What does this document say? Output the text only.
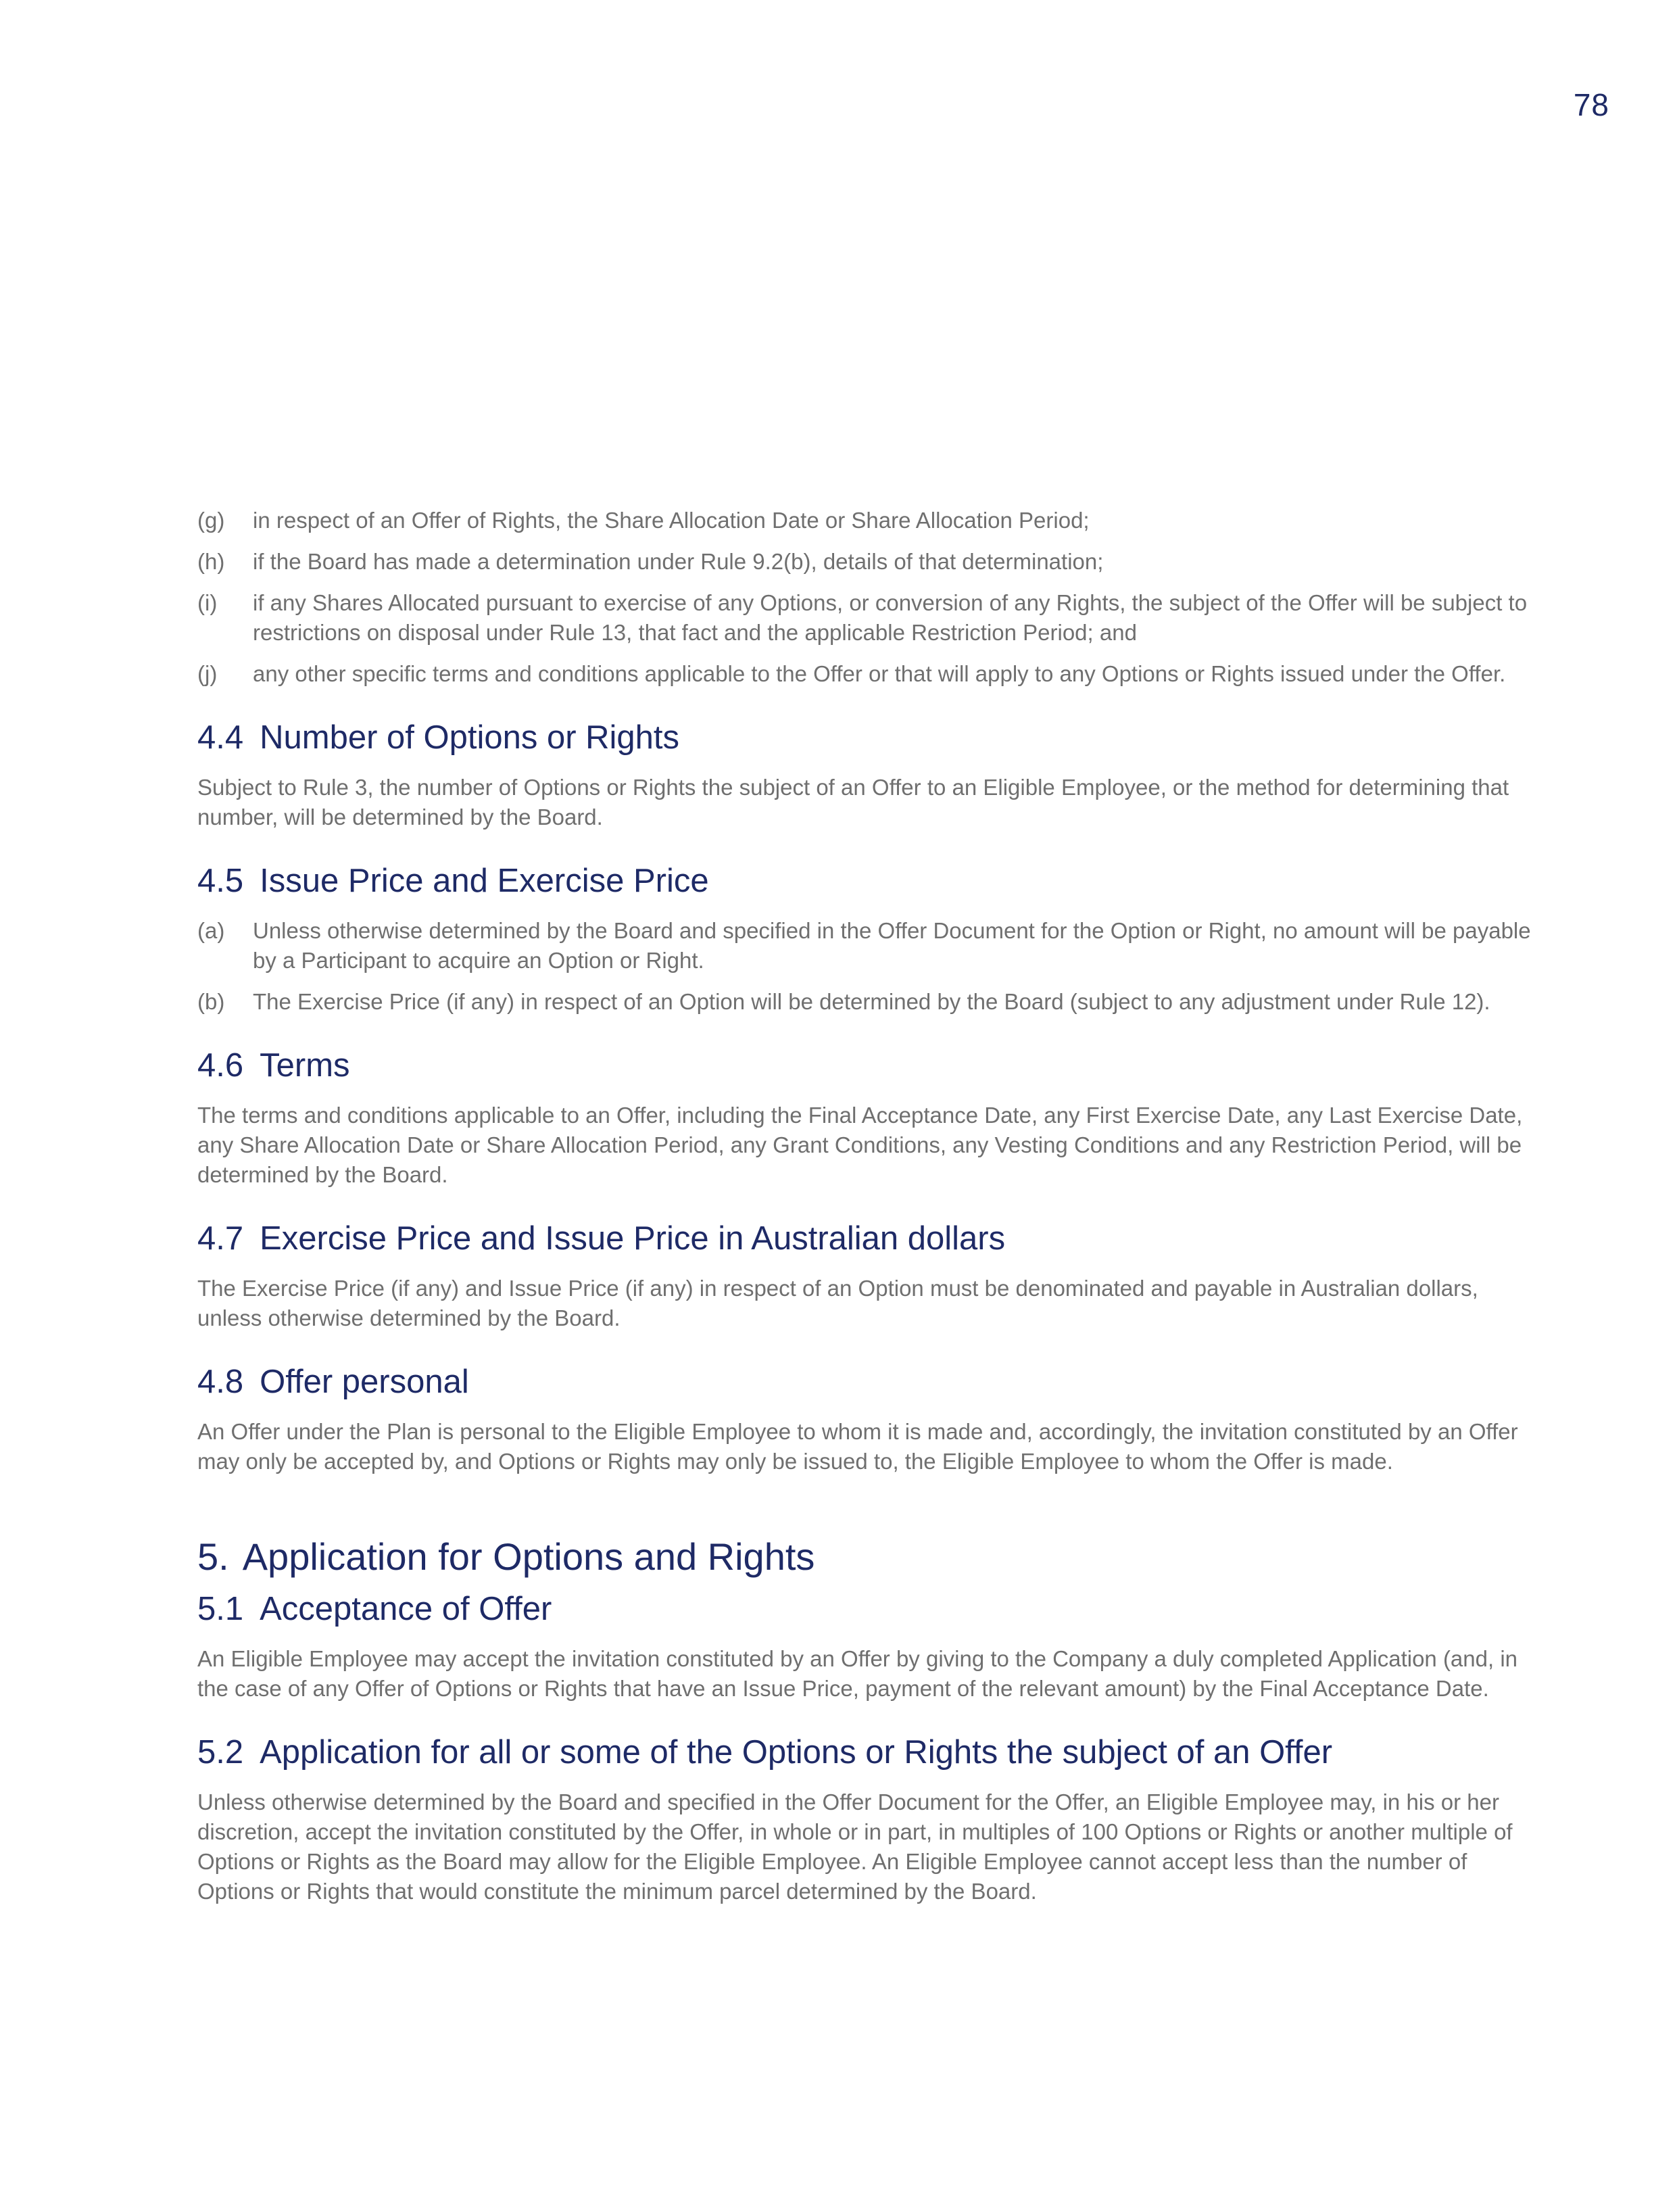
78
(g)	in respect of an Offer of Rights, the Share Allocation Date or Share Allocation Period;
(h)	if the Board has made a determination under Rule 9.2(b), details of that determination;
(i)	if any Shares Allocated pursuant to exercise of any Options, or conversion of any Rights, the subject of the Offer will be subject to restrictions on disposal under Rule 13, that fact and the applicable Restriction Period; and
(j)	any other specific terms and conditions applicable to the Offer or that will apply to any Options or Rights issued under the Offer.
4.4 Number of Options or Rights

Subject to Rule 3, the number of Options or Rights the subject of an Offer to an Eligible Employee, or the method for determining that number, will be determined by the Board.

4.5 Issue Price and Exercise Price
(a)	Unless otherwise determined by the Board and specified in the Offer Document for the Option or Right, no amount will be payable by a Participant to acquire an Option or Right.
(b)	The Exercise Price (if any) in respect of an Option will be determined by the Board (subject to any adjustment under Rule 12).
4.6 Terms

The terms and conditions applicable to an Offer, including the Final Acceptance Date, any First Exercise Date, any Last Exercise Date, any Share Allocation Date or Share Allocation Period, any Grant Conditions, any Vesting Conditions and any Restriction Period, will be determined by the Board.

4.7 Exercise Price and Issue Price in Australian dollars

The Exercise Price (if any) and Issue Price (if any) in respect of an Option must be denominated and payable in Australian dollars, unless otherwise determined by the Board.

4.8 Offer personal

An Offer under the Plan is personal to the Eligible Employee to whom it is made and, accordingly, the invitation constituted by an Offer may only be accepted by, and Options or Rights may only be issued to, the Eligible Employee to whom the Offer is made.

5. Application for Options and Rights
5.1 Acceptance of Offer

An Eligible Employee may accept the invitation constituted by an Offer by giving to the Company a duly completed Application (and, in the case of any Offer of Options or Rights that have an Issue Price, payment of the relevant amount) by the Final Acceptance Date.

5.2 Application for all or some of the Options or Rights the subject of an Offer

Unless otherwise determined by the Board and specified in the Offer Document for the Offer, an Eligible Employee may, in his or her discretion, accept the invitation constituted by the Offer, in whole or in part, in multiples of 100 Options or Rights or another multiple of Options or Rights as the Board may allow for the Eligible Employee. An Eligible Employee cannot accept less than the number of Options or Rights that would constitute the minimum parcel determined by the Board.
